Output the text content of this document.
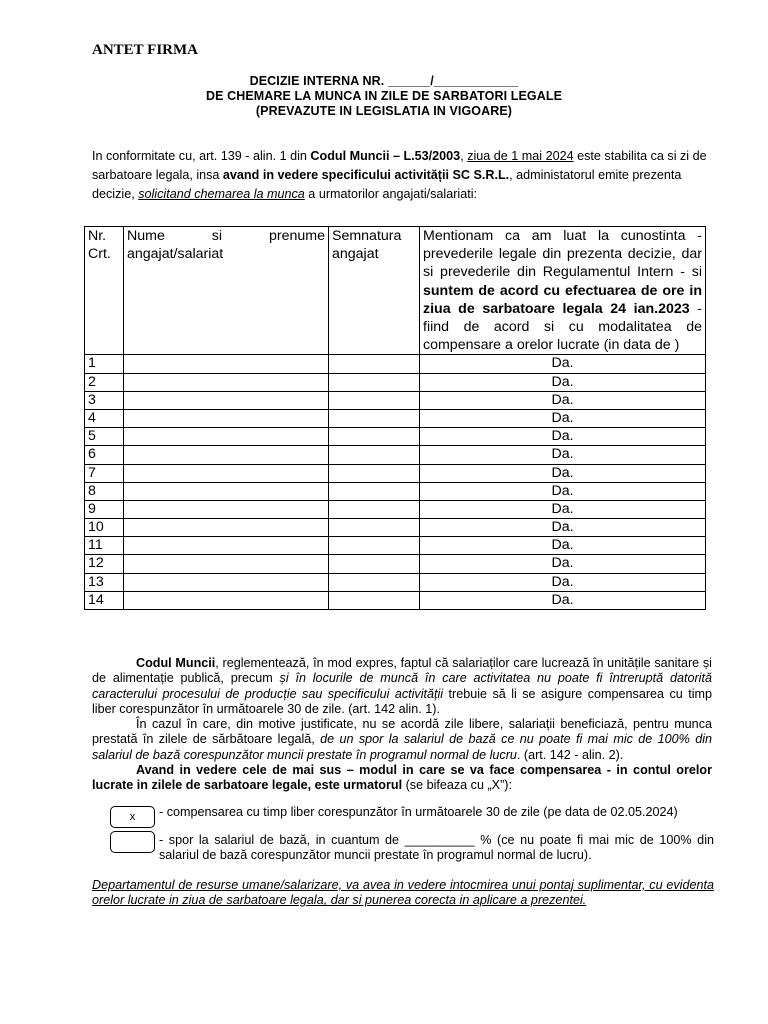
ANTET FIRMA
DECIZIE INTERNA NR. ______/____________
DE CHEMARE LA MUNCA IN ZILE DE SARBATORI LEGALE
(PREVAZUTE IN LEGISLATIA IN VIGOARE)
In conformitate cu, art. 139 - alin. 1 din Codul Muncii – L.53/2003, ziua de 1 mai 2024 este stabilita ca si zi de sarbatoare legala, insa avand in vedere specificului activității SC S.R.L., administatorul emite prezenta decizie, solicitand chemarea la munca a urmatorilor angajati/salariati:
Nr. Crt.	Nume si prenume angajat/salariat	Semnatura angajat	Mentionam ca am luat la cunostinta - prevederile legale din prezenta decizie, dar si prevederile din Regulamentul Intern - si suntem de acord cu efectuarea de ore in ziua de sarbatoare legala 24 ian.2023 - fiind de acord si cu modalitatea de compensare a orelor lucrate (in data de )
1			Da.
2			Da.
3			Da.
4			Da.
5			Da.
6			Da.
7			Da.
8			Da.
9			Da.
10			Da.
11			Da.
12			Da.
13			Da.
14			Da.

Codul Muncii, reglementează, în mod expres, faptul că salariaților care lucrează în unitățile sanitare și de alimentație publică, precum și în locurile de muncă în care activitatea nu poate fi întreruptă datorită caracterului procesului de producție sau specificului activității trebuie să li se asigure compensarea cu timp liber corespunzător în următoarele 30 de zile. (art. 142 alin. 1).

În cazul în care, din motive justificate, nu se acordă zile libere, salariații beneficiază, pentru munca prestată în zilele de sărbătoare legală, de un spor la salariul de bază ce nu poate fi mai mic de 100% din salariul de bază corespunzător muncii prestate în programul normal de lucru. (art. 142 - alin. 2).

Avand in vedere cele de mai sus – modul in care se va face compensarea - in contul orelor lucrate in zilele de sarbatoare legale, este urmatorul (se bifeaza cu „X”):

x	- compensarea cu timp liber corespunzător în următoarele 30 de zile (pe data de 02.05.2024)
- spor la salariul de bază, in cuantum de __________ % (ce nu poate fi mai mic de 100% din salariul de bază corespunzător muncii prestate în programul normal de lucru).
Departamentul de resurse umane/salarizare, va avea in vedere intocmirea unui pontaj suplimentar, cu evidenta orelor lucrate in ziua de sarbatoare legala, dar si punerea corecta in aplicare a prezentei.
